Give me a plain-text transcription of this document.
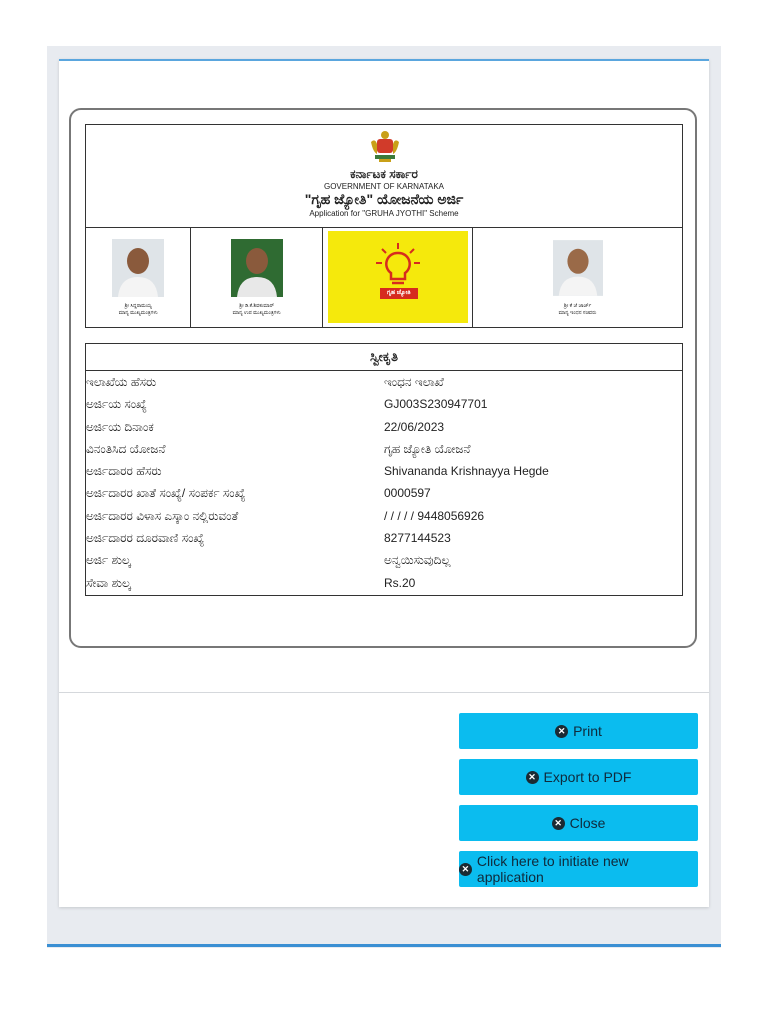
ಕರ್ನಾಟಕ ಸರ್ಕಾರ
GOVERNMENT OF KARNATAKA
"ಗೃಹ ಜ್ಯೋತಿ" ಯೋಜನೆಯ ಅರ್ಜಿ
Application for "GRUHA JYOTHI" Scheme
ಶ್ರೀ ಸಿದ್ದರಾಮಯ್ಯ
ಮಾನ್ಯ ಮುಖ್ಯಮಂತ್ರಿಗಳು
ಶ್ರೀ ಡಿ.ಕೆ.ಶಿವಕುಮಾರ್
ಮಾನ್ಯ ಉಪ ಮುಖ್ಯಮಂತ್ರಿಗಳು
ಗೃಹ ಜ್ಯೋತಿ
ಶ್ರೀ ಕೆ ಜೆ ಜಾರ್ಜ್
ಮಾನ್ಯ ಇಂಧನ ಸಚಿವರು
ಸ್ವೀಕೃತಿ
ಇಲಾಖೆಯ ಹೆಸರು	ಇಂಧನ ಇಲಾಖೆ
ಅರ್ಜಿಯ ಸಂಖ್ಯೆ	GJ003S230947701
ಅರ್ಜಿಯ ದಿನಾಂಕ	22/06/2023
ವಿನಂತಿಸಿದ ಯೋಜನೆ	ಗೃಹ ಜ್ಯೋತಿ ಯೋಜನೆ
ಅರ್ಜಿದಾರರ ಹೆಸರು	Shivananda Krishnayya Hegde
ಅರ್ಜಿದಾರರ ಖಾತೆ ಸಂಖ್ಯೆ/ ಸಂಪರ್ಕ ಸಂಖ್ಯೆ	0000597
ಅರ್ಜಿದಾರರ ವಿಳಾಸ ಎಸ್ಕಾಂ ನಲ್ಲಿರುವಂತೆ	/ / / / / 9448056926
ಅರ್ಜಿದಾರರ ದೂರವಾಣಿ ಸಂಖ್ಯೆ	8277144523
ಅರ್ಜಿ ಶುಲ್ಕ	ಅನ್ವಯಿಸುವುದಿಲ್ಲ
ಸೇವಾ ಶುಲ್ಕ	Rs.20
✕ Print
✕ Export to PDF
✕ Close
✕ Click here to initiate new application
